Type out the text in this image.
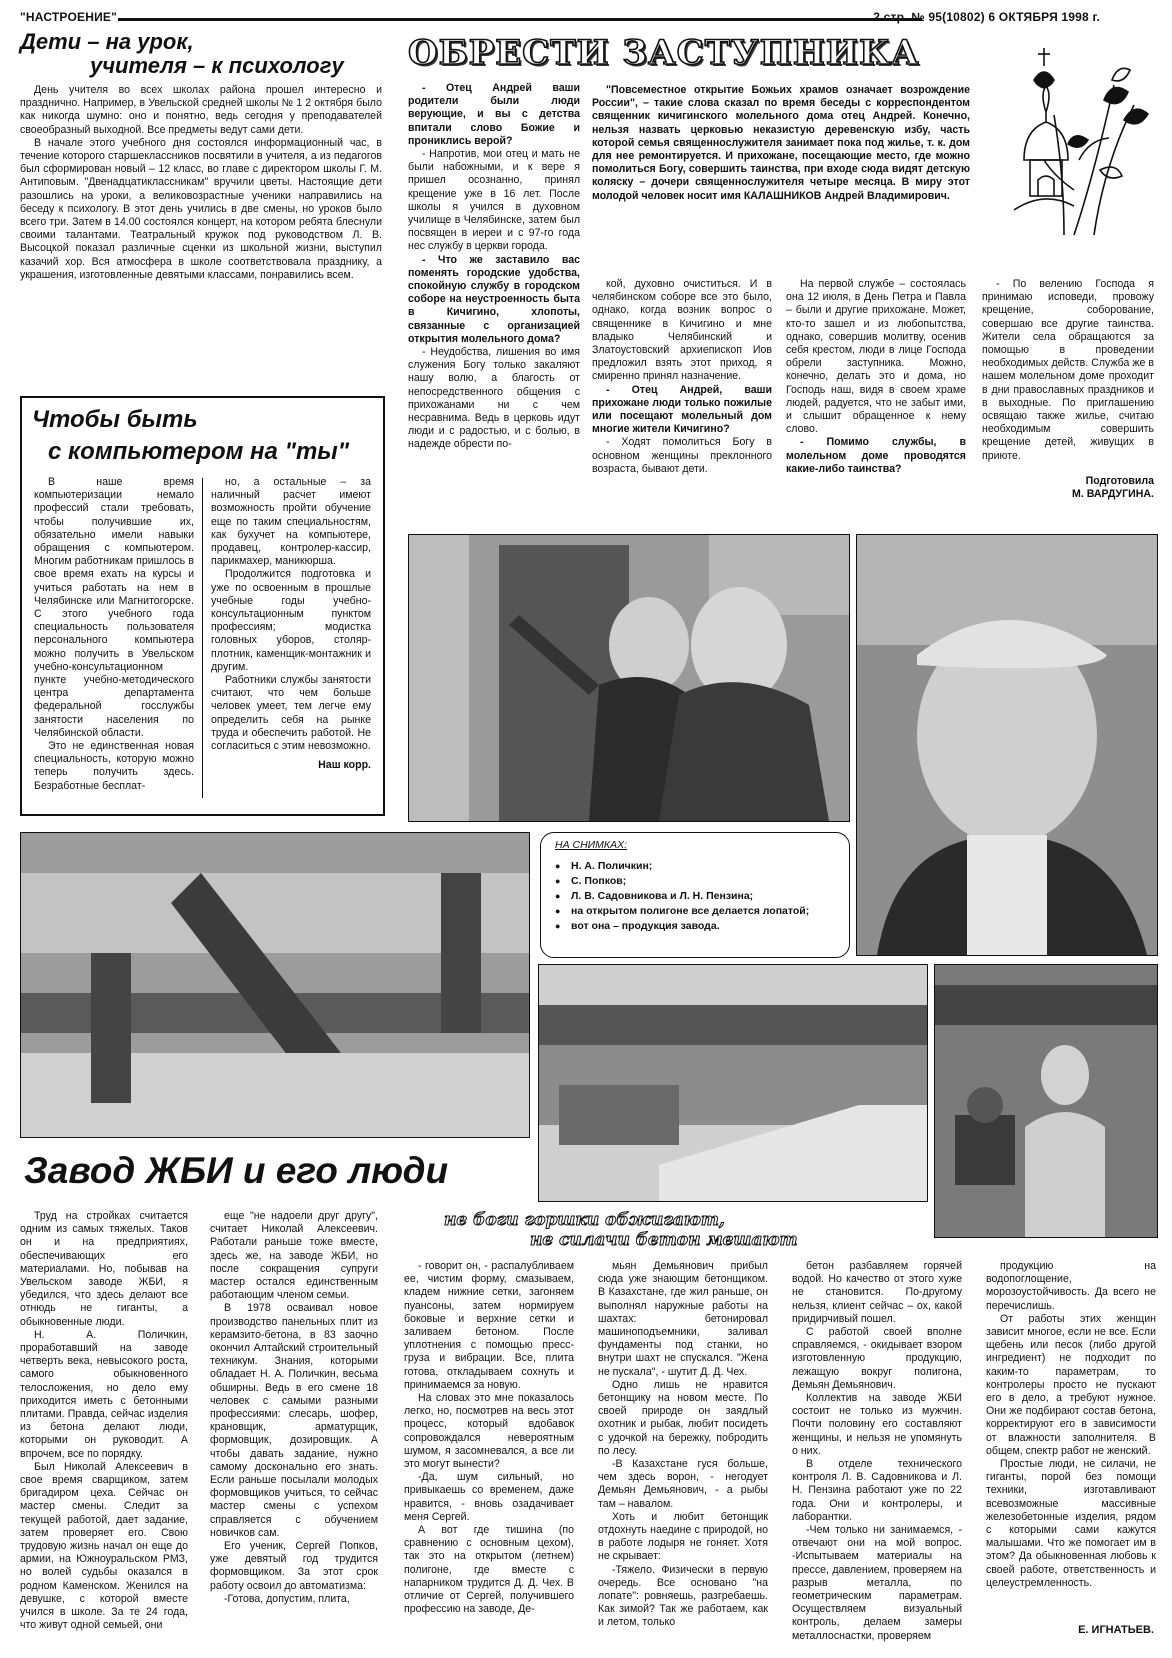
"НАСТРОЕНИЕ"	2 стр. № 95(10802) 6 ОКТЯБРЯ 1998 г.
Дети – на урок,
учителя – к психологу

День учителя во всех школах района прошел интересно и празднично. Например, в Увельской средней школы № 1 2 октября было как никогда шумно: оно и понятно, ведь сегодня у преподавателей своеобразный выходной. Все предметы ведут сами дети.

В начале этого учебного дня состоялся информационный час, в течение которого старшеклассников посвятили в учителя, а из педагогов был сформирован новый – 12 класс, во главе с директором школы Г. М. Антиповым. "Двенадцатиклассникам" вручили цветы. Настоящие дети разошлись на уроки, а великовозрастные ученики направились на беседу к психологу. В этот день учились в две смены, но уроков было всего три. Затем в 14.00 состоялся концерт, на котором ребята блеснули своими талантами. Театральный кружок под руководством Л. В. Высоцкой показал различные сценки из школьной жизни, выступил казачий хор. Вся атмосфера в школе соответствовала празднику, а украшения, изготовленные девятыми классами, понравились всем.

Чтобы быть
с компьютером на "ты"

В наше время компьютеризации немало профессий стали требовать, чтобы получившие их, обязательно имели навыки обращения с компьютером. Многим работникам пришлось в свое время ехать на курсы и учиться работать на нем в Челябинске или Магнитогорске. С этого учебного года специальность пользователя персонального компьютера можно получить в Увельском учебно-консультационном пункте учебно-методического центра департамента федеральной госслужбы занятости населения по Челябинской области.

Это не единственная новая специальность, которую можно теперь получить здесь. Безработные бесплат-

но, а остальные – за наличный расчет имеют возможность пройти обучение еще по таким специальностям, как бухучет на компьютере, продавец, контролер-кассир, парикмахер, маникюрша.

Продолжится подготовка и уже по освоенным в прошлые учебные годы учебно-консультационным пунктом профессиям; модистка головных уборов, столяр-плотник, каменщик-монтажник и другим.

Работники службы занятости считают, что чем больше человек умеет, тем легче ему определить себя на рынке труда и обеспечить работой. Не согласиться с этим невозможно.

Наш корр.

ОБРЕСТИ ЗАСТУПНИКА

"Повсеместное открытие Божьих храмов означает возрождение России", – такие слова сказал по время беседы с корреспондентом священник кичигинского молельного дома отец Андрей. Конечно, нельзя назвать церковью неказистую деревенскую избу, часть которой семья священнослужителя занимает пока под жилье, т. к. дом для нее ремонтируется. И прихожане, посещающие место, где можно помолиться Богу, совершить таинства, при входе сюда видят детскую коляску – дочери священнослужителя четыре месяца. В миру этот молодой человек носит имя КАЛАШНИКОВ Андрей Владимирович.

- Отец Андрей ваши родители были люди верующие, и вы с детства впитали слово Божие и прониклись верой?

- Напротив, мои отец и мать не были набожными, и к вере я пришел осознанно, принял крещение уже в 16 лет. После школы я учился в духовном училище в Челябинске, затем был посвящен в иереи и с 97-го года нес службу в церкви города.

- Что же заставило вас поменять городские удобства, спокойную службу в городском соборе на неустроенность быта в Кичигино, хлопоты, связанные с организацией открытия молельного дома?

- Неудобства, лишения во имя служения Богу только закаляют нашу волю, а благость от непосредственного общения с прихожанами ни с чем несравнима. Ведь в церковь идут люди и с радостью, и с болью, в надежде обрести по-

кой, духовно очиститься. И в челябинском соборе все это было, однако, когда возник вопрос о священнике в Кичигино и мне владыко Челябинский и Златоустовский архиепископ Иов предложил взять этот приход, я смиренно принял назначение.

- Отец Андрей, ваши прихожане люди только пожилые или посещают молельный дом многие жители Кичигино?

- Ходят помолиться Богу в основном женщины преклонного возраста, бывают дети.

На первой службе – состоялась она 12 июля, в День Петра и Павла – были и другие прихожане. Может, кто-то зашел и из любопытства, однако, совершив молитву, осенив себя крестом, люди в лице Господа обрели заступника. Можно, конечно, делать это и дома, но Господь наш, видя в своем храме людей, радуется, что не забыт ими, и слышит обращенное к нему слово.

- Помимо службы, в молельном доме проводятся какие-либо таинства?

- По велению Господа я принимаю исповеди, провожу крещение, соборование, совершаю все другие таинства. Жители села обращаются за помощью в проведении необходимых действ. Служба же в нашем молельном доме проходит в дни православных праздников и в выходные. По приглашению освящаю также жилье, считаю необходимым совершить крещение детей, живущих в приюте.

Подготовила

М. ВАРДУГИНА.

НА СНИМКАХ:
● Н. А. Поличкин;
● С. Попков;
● Л. В. Садовникова и Л. Н. Пензина;
● на открытом полигоне все делается лопатой;
● вот она – продукция завода.
Завод ЖБИ и его люди
не боги горшки обжигают,
не силачи бетон мешают

Труд на стройках считается одним из самых тяжелых. Таков он и на предприятиях, обеспечивающих его материалами. Но, побывав на Увельском заводе ЖБИ, я убедился, что здесь делают все отнюдь не гиганты, а обыкновенные люди.

Н. А. Поличкин, проработавший на заводе четверть века, невысокого роста, самого обыкновенного телосложения, но дело ему приходится иметь с бетонными плитами. Правда, сейчас изделия из бетона делают люди, которыми он руководит. А впрочем, все по порядку.

Был Николай Алексеевич в свое время сварщиком, затем бригадиром цеха. Сейчас он мастер смены. Следит за текущей работой, дает задание, затем проверяет его. Свою трудовую жизнь начал он еще до армии, на Южноуральском РМЗ, но волей судьбы оказался в родном Каменском. Женился на девушке, с которой вместе учился в школе. За те 24 года, что живут одной семьей, они

еще "не надоели друг другу", считает Николай Алексеевич. Работали раньше тоже вместе, здесь же, на заводе ЖБИ, но после сокращения супруги мастер остался единственным работающим членом семьи.

В 1978 осваивал новое производство панельных плит из керамзито-бетона, в 83 заочно окончил Алтайский строительный техникум. Знания, которыми обладает Н. А. Поличкин, весьма обширны. Ведь в его смене 18 человек с самыми разными профессиями: слесарь, шофер, крановщик, арматурщик, формовщик, дозировщик. А чтобы давать задание, нужно самому досконально его знать. Если раньше посылали молодых формовщиков учиться, то сейчас мастер смены с успехом справляется с обучением новичков сам.

Его ученик, Сергей Попков, уже девятый год трудится формовщиком. За этот срок работу освоил до автоматизма:

-Готова, допустим, плита,

- говорит он, - распалубливаем ее, чистим форму, смазываем, кладем нижние сетки, загоняем пуансоны, затем нормируем боковые и верхние сетки и заливаем бетоном. После уплотнения с помощью пресс-груза и вибрации. Все, плита готова, откладываем сохнуть и принимаемся за новую.

На словах это мне показалось легко, но, посмотрев на весь этот процесс, который вдобавок сопровождался невероятным шумом, я засомневался, а все ли это могут вынести?

-Да, шум сильный, но привыкаешь со временем, даже нравится, - вновь озадачивает меня Сергей.

А вот где тишина (по сравнению с основным цехом), так это на открытом (летнем) полигоне, где вместе с напарником трудится Д. Д. Чех. В отличие от Сергей, получившего профессию на заводе, Де-

мьян Демьянович прибыл сюда уже знающим бетонщиком. В Казахстане, где жил раньше, он выполнял наружные работы на шахтах: бетонировал машиноподъемники, заливал фундаменты под станки, но внутри шахт не спускался. "Жена не пускала", - шутит Д. Д. Чех.

Одно лишь не нравится бетонщику на новом месте. По своей природе он заядлый охотник и рыбак, любит посидеть с удочкой на бережку, побродить по лесу.

-В Казахстане гуся больше, чем здесь ворон, - негодует Демьян Демьянович, - а рыбы там – навалом.

Хоть и любит бетонщик отдохнуть наедине с природой, но в работе лодыря не гоняет. Хотя не скрывает:

-Тяжело. Физически в первую очередь. Все основано "на лопате": ровняешь, разгребаешь. Как зимой? Так же работаем, как и летом, только

бетон разбавляем горячей водой. Но качество от этого хуже не становится. По-другому нельзя, клиент сейчас – ох, какой придирчивый пошел.

С работой своей вполне справляемся, - окидывает взором изготовленную продукцию, лежащую вокруг полигона, Демьян Демьянович.

Коллектив на заводе ЖБИ состоит не только из мужчин. Почти половину его составляют женщины, и нельзя не упомянуть о них.

В отделе технического контроля Л. В. Садовникова и Л. Н. Пензина работают уже по 22 года. Они и контролеры, и лаборантки.

-Чем только ни занимаемся, - отвечают они на мой вопрос. -Испытываем материалы на прессе, давлением, проверяем на разрыв металла, по геометрическим параметрам. Осуществляем визуальный контроль, делаем замеры металлоснастки, проверяем

продукцию на водопоглощение, морозоустойчивость. Да всего не перечислишь.

От работы этих женщин зависит многое, если не все. Если щебень или песок (либо другой ингредиент) не подходит по каким-то параметрам, то контролеры просто не пускают его в дело, а требуют нужное. Они же подбирают состав бетона, корректируют его в зависимости от влажности заполнителя. В общем, спектр работ не женский.

Простые люди, не силачи, не гиганты, порой без помощи техники, изготавливают всевозможные массивные железобетонные изделия, рядом с которыми сами кажутся малышами. Что же помогает им в этом? Да обыкновенная любовь к своей работе, ответственность и целеустремленность.

Е. ИГНАТЬЕВ.
